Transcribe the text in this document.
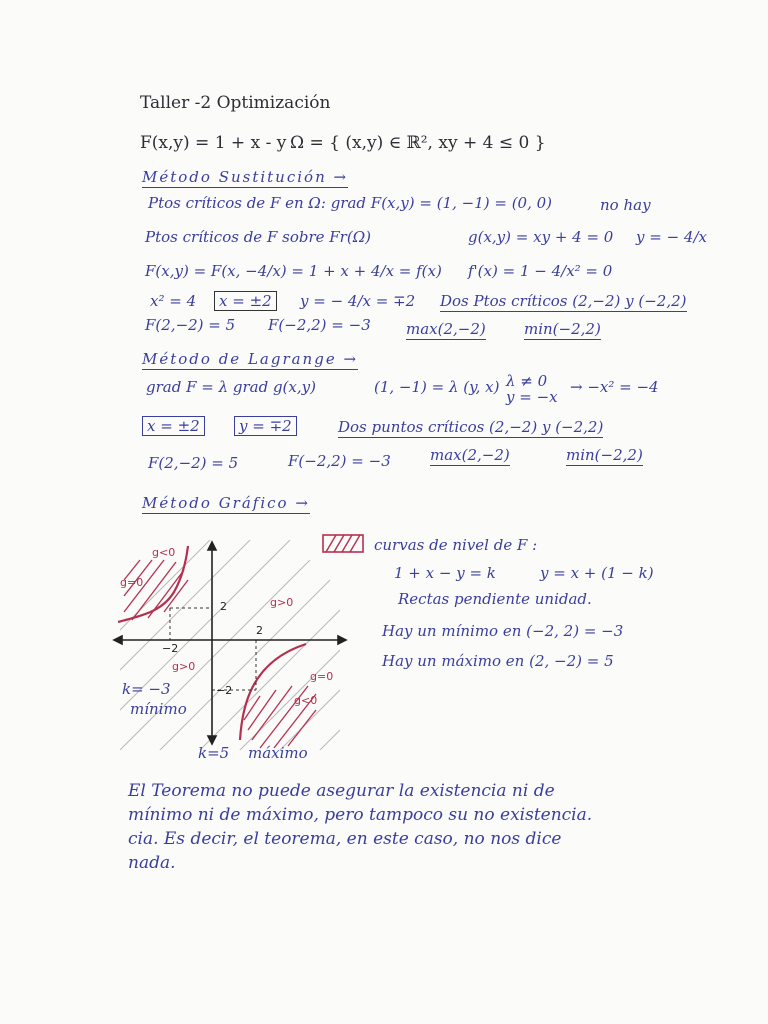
Taller -2 Optimización
F(x,y) = 1 + x - y Ω = { (x,y) ∈ ℝ², xy + 4 ≤ 0 }
Método Sustitución →
Ptos críticos de F en Ω: grad F(x,y) = (1, −1) = (0, 0)	no hay
Ptos críticos de F sobre Fr(Ω)	g(x,y) = xy + 4 = 0 y = − 4/x
F(x,y) = F(x, −4/x) = 1 + x + 4/x = f(x) f'(x) = 1 − 4/x² = 0
x² = 4	x = ±2	y = − 4/x = ∓2 Dos Ptos críticos (2,−2) y (−2,2)
F(2,−2) = 5 F(−2,2) = −3 max(2,−2)	min(−2,2)
Método de Lagrange →
grad F = λ grad g(x,y)	(1, −1) = λ (y, x) λ ≠ 0
y = −x
→ −x² = −4
x = ±2	y = ∓2	Dos puntos críticos (2,−2) y (−2,2)
F(2,−2) = 5	F(−2,2) = −3	max(2,−2)	min(−2,2)
Método Gráfico →
curvas de nivel de F :
1 + x − y = k	y = x + (1 − k)
Rectas pendiente unidad.
Hay un mínimo en (−2, 2) = −3
Hay un máximo en (2, −2) = 5
g<0
g=0
g>0
g>0
g=0
g<0
2
2
−2
−2
k= −3
mínimo
k=5 máximo
El Teorema no puede asegurar la existencia ni de
mínimo ni de máximo, pero tampoco su no existencia.
cia. Es decir, el teorema, en este caso, no nos dice
nada.
